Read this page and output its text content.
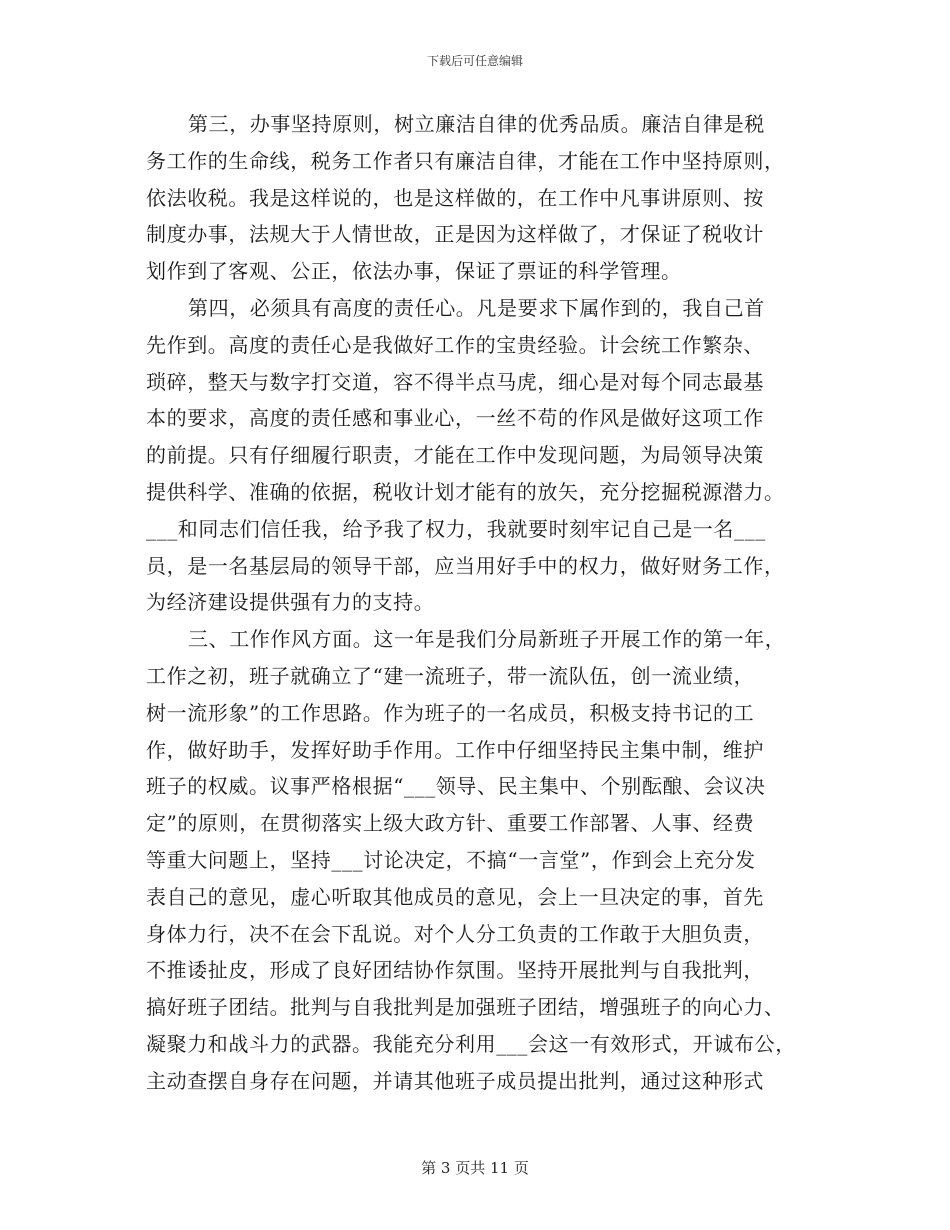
下载后可任意编辑
第三，办事坚持原则，树立廉洁自律的优秀品质。廉洁自律是税
务工作的生命线，税务工作者只有廉洁自律，才能在工作中坚持原则，
依法收税。我是这样说的，也是这样做的，在工作中凡事讲原则、按
制度办事，法规大于人情世故，正是因为这样做了，才保证了税收计
划作到了客观、公正，依法办事，保证了票证的科学管理。
第四，必须具有高度的责任心。凡是要求下属作到的，我自己首
先作到。高度的责任心是我做好工作的宝贵经验。计会统工作繁杂、
琐碎，整天与数字打交道，容不得半点马虎，细心是对每个同志最基
本的要求，高度的责任感和事业心，一丝不苟的作风是做好这项工作
的前提。只有仔细履行职责，才能在工作中发现问题，为局领导决策
提供科学、准确的依据，税收计划才能有的放矢，充分挖掘税源潜力。
___和同志们信任我，给予我了权力，我就要时刻牢记自己是一名___
员，是一名基层局的领导干部，应当用好手中的权力，做好财务工作，
为经济建设提供强有力的支持。
三、工作作风方面。这一年是我们分局新班子开展工作的第一年，
工作之初，班子就确立了“建一流班子，带一流队伍，创一流业绩，
树一流形象”的工作思路。作为班子的一名成员，积极支持书记的工
作，做好助手，发挥好助手作用。工作中仔细坚持民主集中制，维护
班子的权威。议事严格根据“___领导、民主集中、个别酝酿、会议决
定”的原则，在贯彻落实上级大政方针、重要工作部署、人事、经费
等重大问题上，坚持___讨论决定，不搞“一言堂”，作到会上充分发
表自己的意见，虚心听取其他成员的意见，会上一旦决定的事，首先
身体力行，决不在会下乱说。对个人分工负责的工作敢于大胆负责，
不推诿扯皮，形成了良好团结协作氛围。坚持开展批判与自我批判，
搞好班子团结。批判与自我批判是加强班子团结，增强班子的向心力、
凝聚力和战斗力的武器。我能充分利用___会这一有效形式，开诚布公，
主动查摆自身存在问题，并请其他班子成员提出批判，通过这种形式
第 3 页共 11 页
